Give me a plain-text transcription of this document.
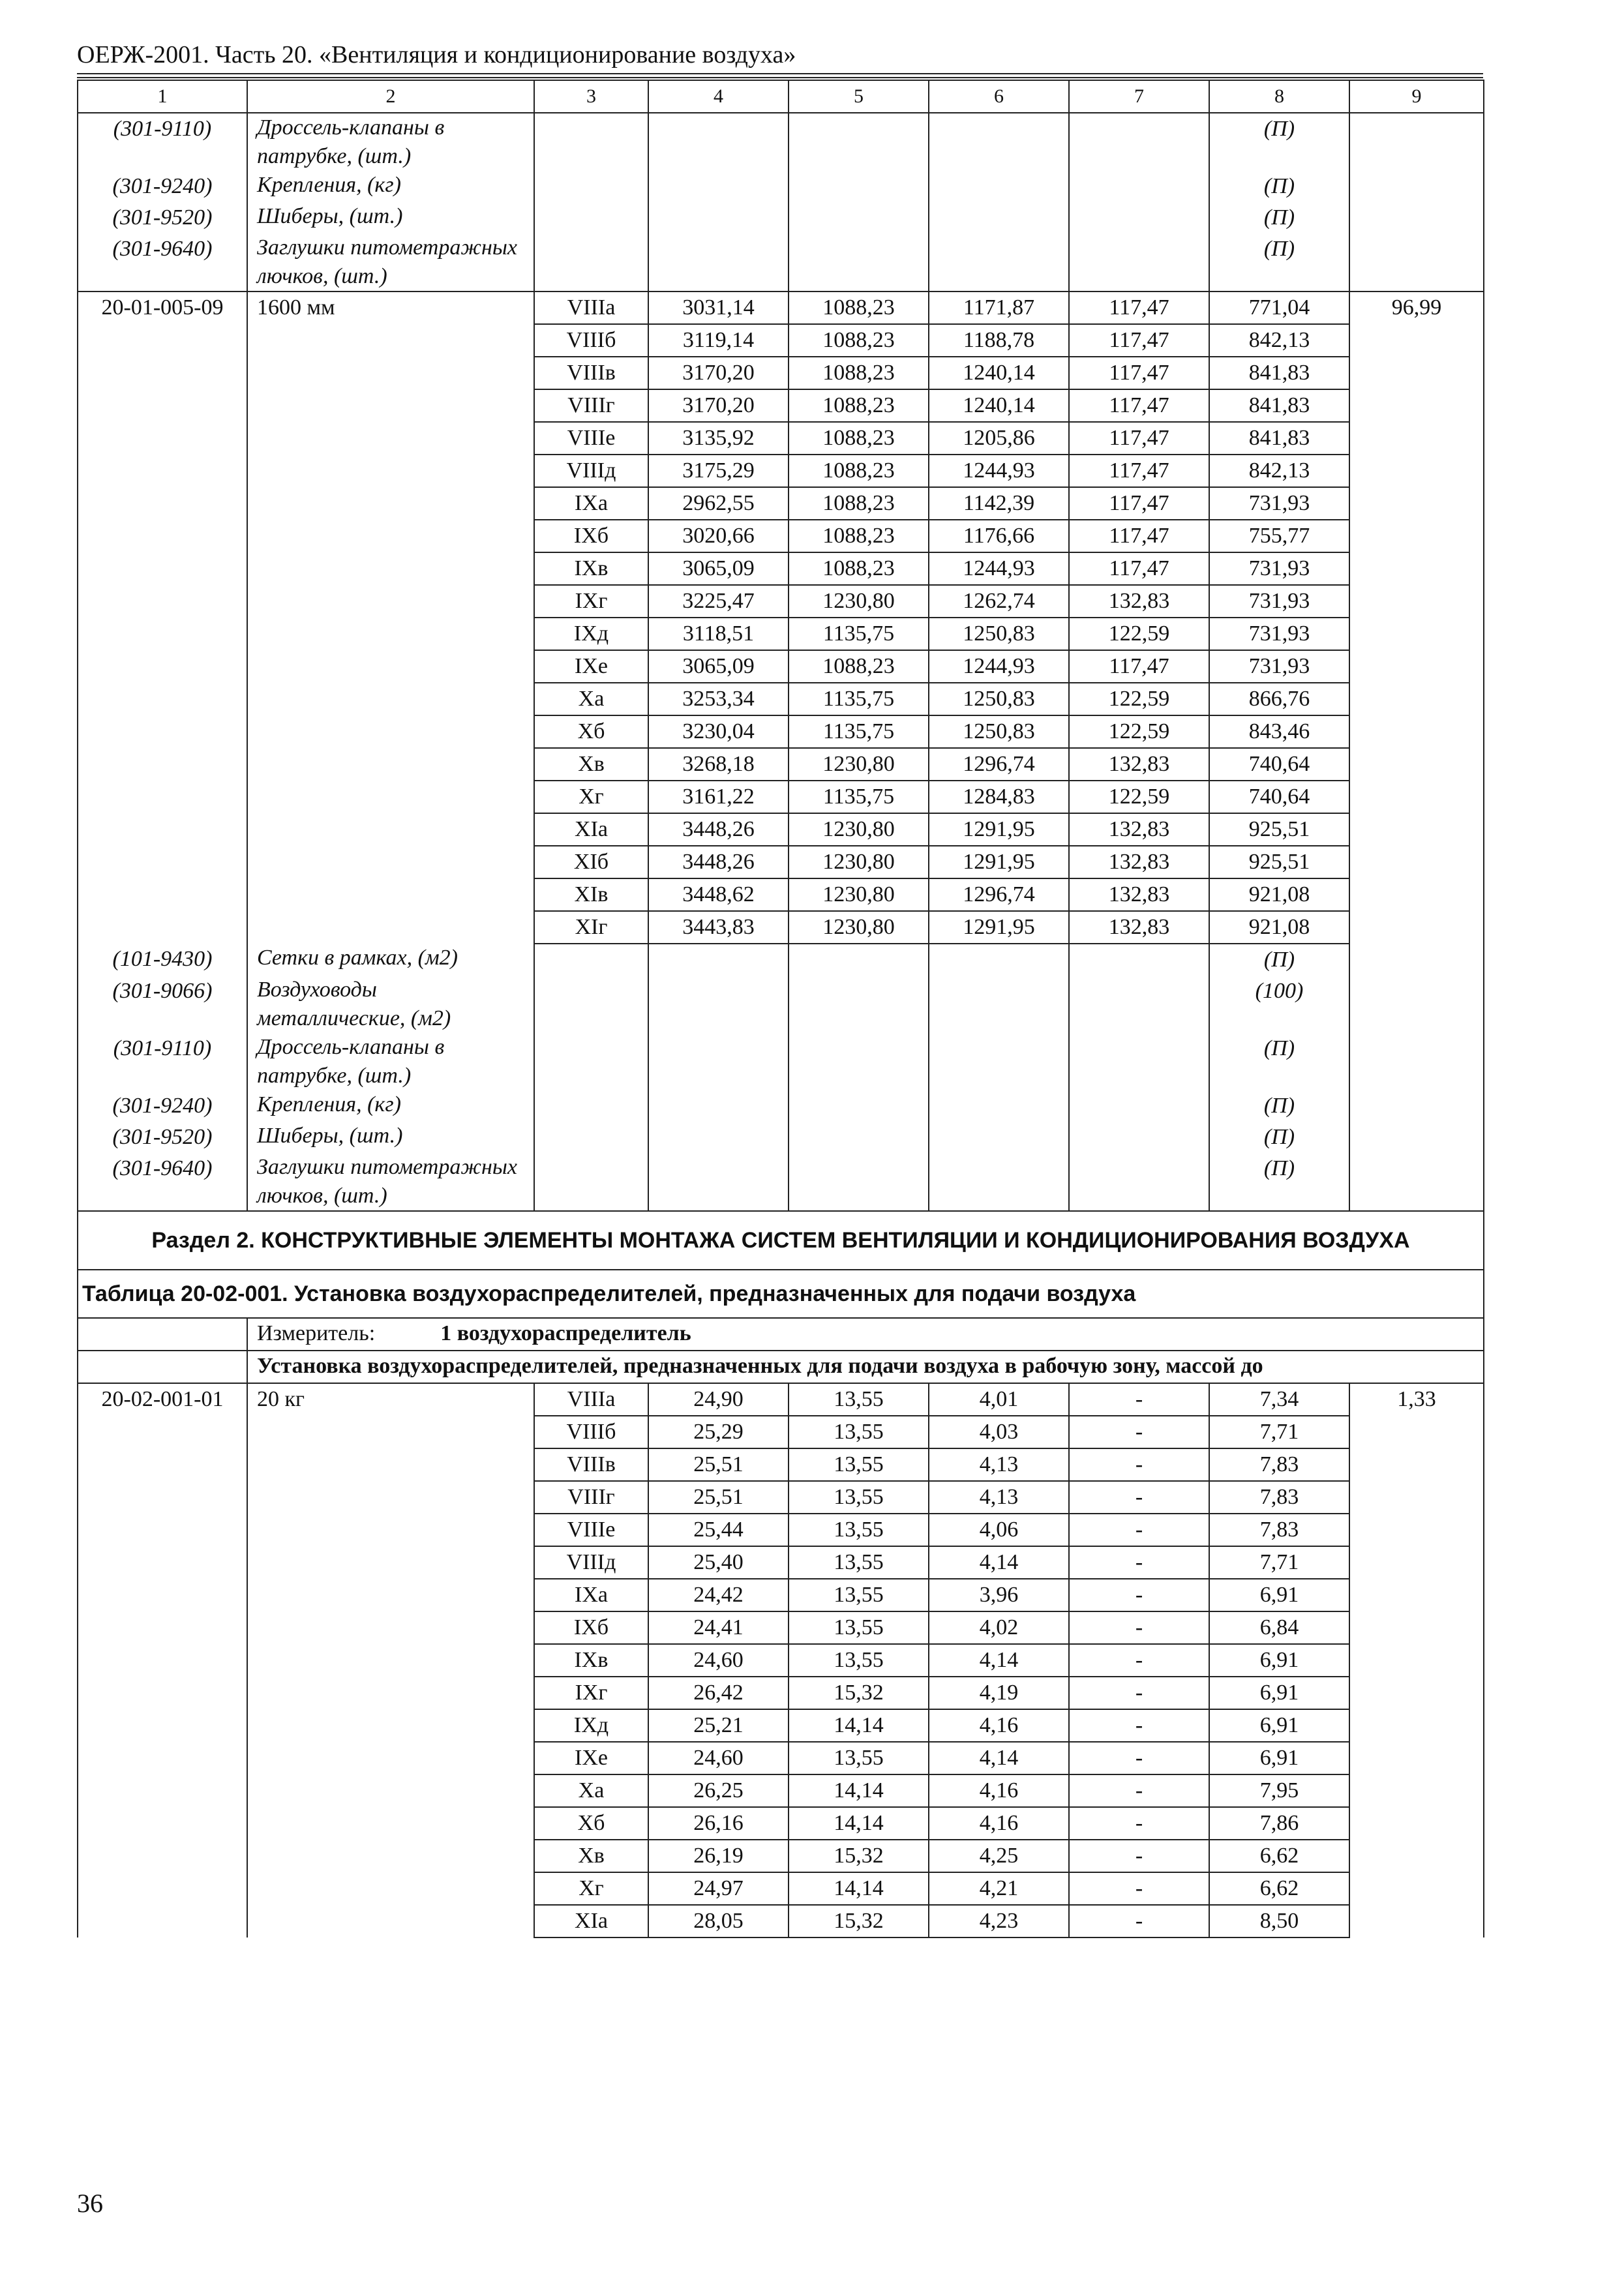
ОЕРЖ-2001. Часть 20. «Вентиляция и кондиционирование воздуха»
1	2	3	4	5	6	7	8	9
(301-9110)	Дроссель-клапаны в патрубке, (шт.)						(П)	
(301-9240)	Крепления, (кг)						(П)	
(301-9520)	Шиберы, (шт.)						(П)	
(301-9640)	Заглушки питометражных лючков, (шт.)						(П)	
20-01-005-09	1600 мм	VIIIа	3031,14	1088,23	1171,87	117,47	771,04	96,99
		VIIIб	3119,14	1088,23	1188,78	117,47	842,13	
		VIIIв	3170,20	1088,23	1240,14	117,47	841,83	
		VIIIг	3170,20	1088,23	1240,14	117,47	841,83	
		VIIIе	3135,92	1088,23	1205,86	117,47	841,83	
		VIIIд	3175,29	1088,23	1244,93	117,47	842,13	
		IXа	2962,55	1088,23	1142,39	117,47	731,93	
		IXб	3020,66	1088,23	1176,66	117,47	755,77	
		IXв	3065,09	1088,23	1244,93	117,47	731,93	
		IXг	3225,47	1230,80	1262,74	132,83	731,93	
		IXд	3118,51	1135,75	1250,83	122,59	731,93	
		IXе	3065,09	1088,23	1244,93	117,47	731,93	
		Xа	3253,34	1135,75	1250,83	122,59	866,76	
		Xб	3230,04	1135,75	1250,83	122,59	843,46	
		Xв	3268,18	1230,80	1296,74	132,83	740,64	
		Xг	3161,22	1135,75	1284,83	122,59	740,64	
		XIа	3448,26	1230,80	1291,95	132,83	925,51	
		XIб	3448,26	1230,80	1291,95	132,83	925,51	
		XIв	3448,62	1230,80	1296,74	132,83	921,08	
		XIг	3443,83	1230,80	1291,95	132,83	921,08	
(101-9430)	Сетки в рамках, (м2)						(П)	
(301-9066)	Воздуховоды металлические, (м2)						(100)	
(301-9110)	Дроссель-клапаны в патрубке, (шт.)						(П)	
(301-9240)	Крепления, (кг)						(П)	
(301-9520)	Шиберы, (шт.)						(П)	
(301-9640)	Заглушки питометражных лючков, (шт.)						(П)	
Раздел 2. КОНСТРУКТИВНЫЕ ЭЛЕМЕНТЫ МОНТАЖА СИСТЕМ ВЕНТИЛЯЦИИ И КОНДИЦИОНИРОВАНИЯ ВОЗДУХА								
Таблица 20-02-001. Установка воздухораспределителей, предназначенных для подачи воздуха								
	Измеритель: 1 воздухораспределитель							
	Установка воздухораспределителей, предназначенных для подачи воздуха в рабочую зону, массой до							
20-02-001-01	20 кг	VIIIа	24,90	13,55	4,01	-	7,34	1,33
		VIIIб	25,29	13,55	4,03	-	7,71	
		VIIIв	25,51	13,55	4,13	-	7,83	
		VIIIг	25,51	13,55	4,13	-	7,83	
		VIIIе	25,44	13,55	4,06	-	7,83	
		VIIIд	25,40	13,55	4,14	-	7,71	
		IXа	24,42	13,55	3,96	-	6,91	
		IXб	24,41	13,55	4,02	-	6,84	
		IXв	24,60	13,55	4,14	-	6,91	
		IXг	26,42	15,32	4,19	-	6,91	
		IXд	25,21	14,14	4,16	-	6,91	
		IXе	24,60	13,55	4,14	-	6,91	
		Xа	26,25	14,14	4,16	-	7,95	
		Xб	26,16	14,14	4,16	-	7,86	
		Xв	26,19	15,32	4,25	-	6,62	
		Xг	24,97	14,14	4,21	-	6,62	
		XIа	28,05	15,32	4,23	-	8,50	
36
